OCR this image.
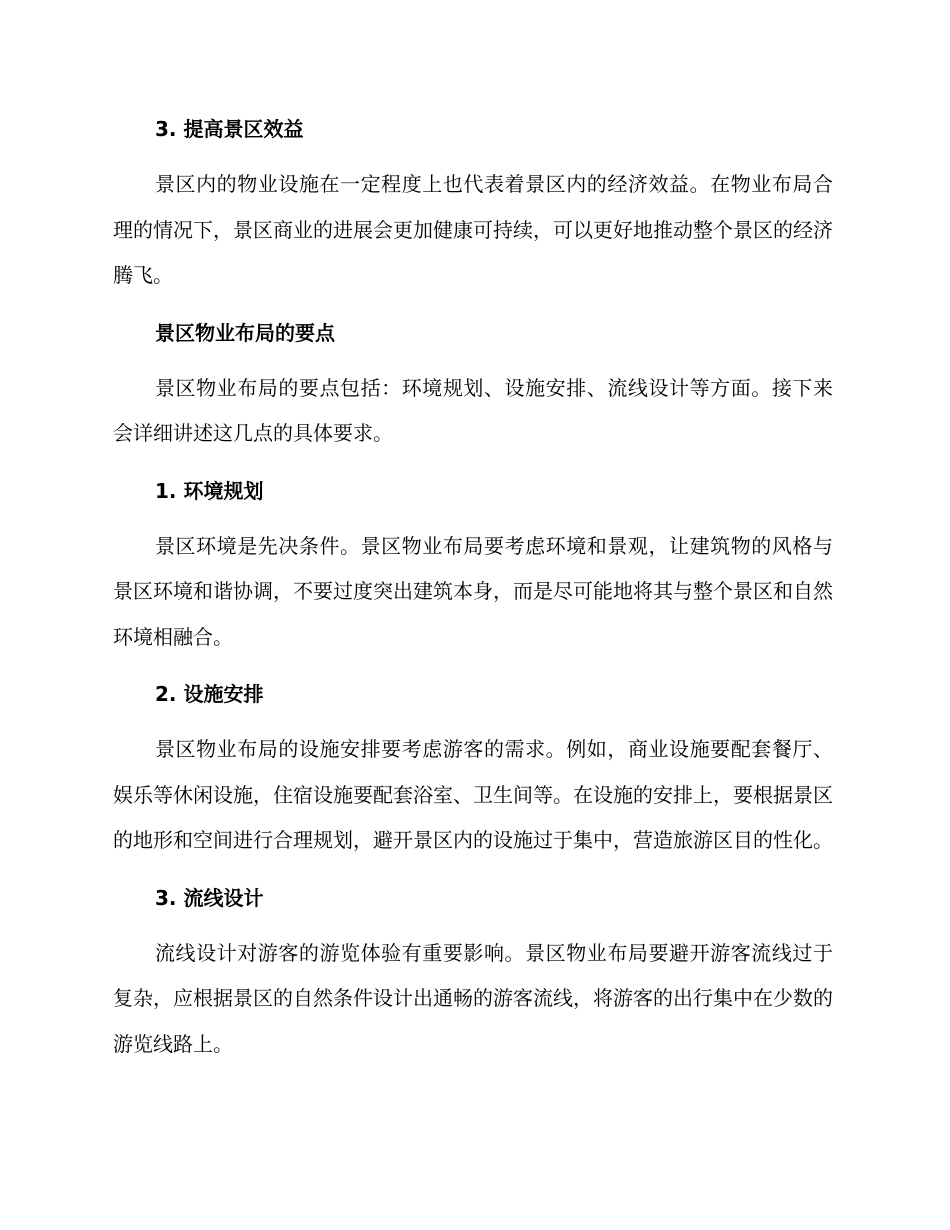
3. 提高景区效益

景区内的物业设施在一定程度上也代表着景区内的经济效益。在物业布局合理的情况下，景区商业的进展会更加健康可持续，可以更好地推动整个景区的经济腾飞。

景区物业布局的要点

景区物业布局的要点包括：环境规划、设施安排、流线设计等方面。接下来会详细讲述这几点的具体要求。

1. 环境规划

景区环境是先决条件。景区物业布局要考虑环境和景观，让建筑物的风格与景区环境和谐协调，不要过度突出建筑本身，而是尽可能地将其与整个景区和自然环境相融合。

2. 设施安排

景区物业布局的设施安排要考虑游客的需求。例如，商业设施要配套餐厅、娱乐等休闲设施，住宿设施要配套浴室、卫生间等。在设施的安排上，要根据景区的地形和空间进行合理规划，避开景区内的设施过于集中，营造旅游区目的性化。

3. 流线设计

流线设计对游客的游览体验有重要影响。景区物业布局要避开游客流线过于复杂，应根据景区的自然条件设计出通畅的游客流线，将游客的出行集中在少数的游览线路上。
